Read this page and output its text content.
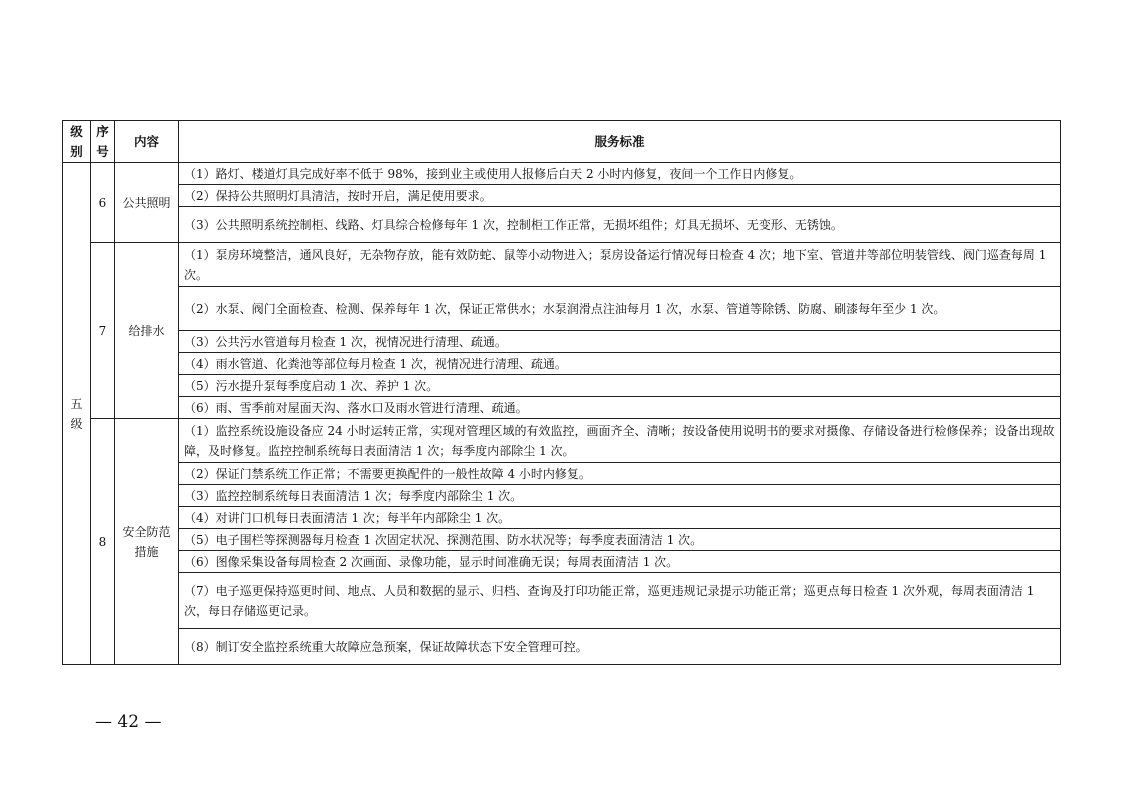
级别	序号	内容	服务标准
五级	6	公共照明	（1）路灯、楼道灯具完成好率不低于 98%，接到业主或使用人报修后白天 2 小时内修复，夜间一个工作日内修复。
			（2）保持公共照明灯具清洁，按时开启，满足使用要求。
			（3）公共照明系统控制柜、线路、灯具综合检修每年 1 次，控制柜工作正常，无损坏组件；灯具无损坏、无变形、无锈蚀。
	7	给排水	（1）泵房环境整洁，通风良好，无杂物存放，能有效防蛇、鼠等小动物进入；泵房设备运行情况每日检查 4 次；地下室、管道井等部位明装管线、阀门巡查每周 1 次。
			（2）水泵、阀门全面检查、检测、保养每年 1 次，保证正常供水；水泵润滑点注油每月 1 次，水泵、管道等除锈、防腐、刷漆每年至少 1 次。
			（3）公共污水管道每月检查 1 次，视情况进行清理、疏通。
			（4）雨水管道、化粪池等部位每月检查 1 次，视情况进行清理、疏通。
			（5）污水提升泵每季度启动 1 次、养护 1 次。
			（6）雨、雪季前对屋面天沟、落水口及雨水管进行清理、疏通。
	8	安全防范措施	（1）监控系统设施设备应 24 小时运转正常，实现对管理区域的有效监控，画面齐全、清晰；按设备使用说明书的要求对摄像、存储设备进行检修保养；设备出现故障，及时修复。监控控制系统每日表面清洁 1 次；每季度内部除尘 1 次。
			（2）保证门禁系统工作正常；不需要更换配件的一般性故障 4 小时内修复。
			（3）监控控制系统每日表面清洁 1 次；每季度内部除尘 1 次。
			（4）对讲门口机每日表面清洁 1 次；每半年内部除尘 1 次。
			（5）电子围栏等探测器每月检查 1 次固定状况、探测范围、防水状况等；每季度表面清洁 1 次。
			（6）图像采集设备每周检查 2 次画面、录像功能，显示时间准确无误；每周表面清洁 1 次。
			（7）电子巡更保持巡更时间、地点、人员和数据的显示、归档、查询及打印功能正常，巡更违规记录提示功能正常；巡更点每日检查 1 次外观，每周表面清洁 1 次，每日存储巡更记录。
			（8）制订安全监控系统重大故障应急预案，保证故障状态下安全管理可控。
— 42 —
